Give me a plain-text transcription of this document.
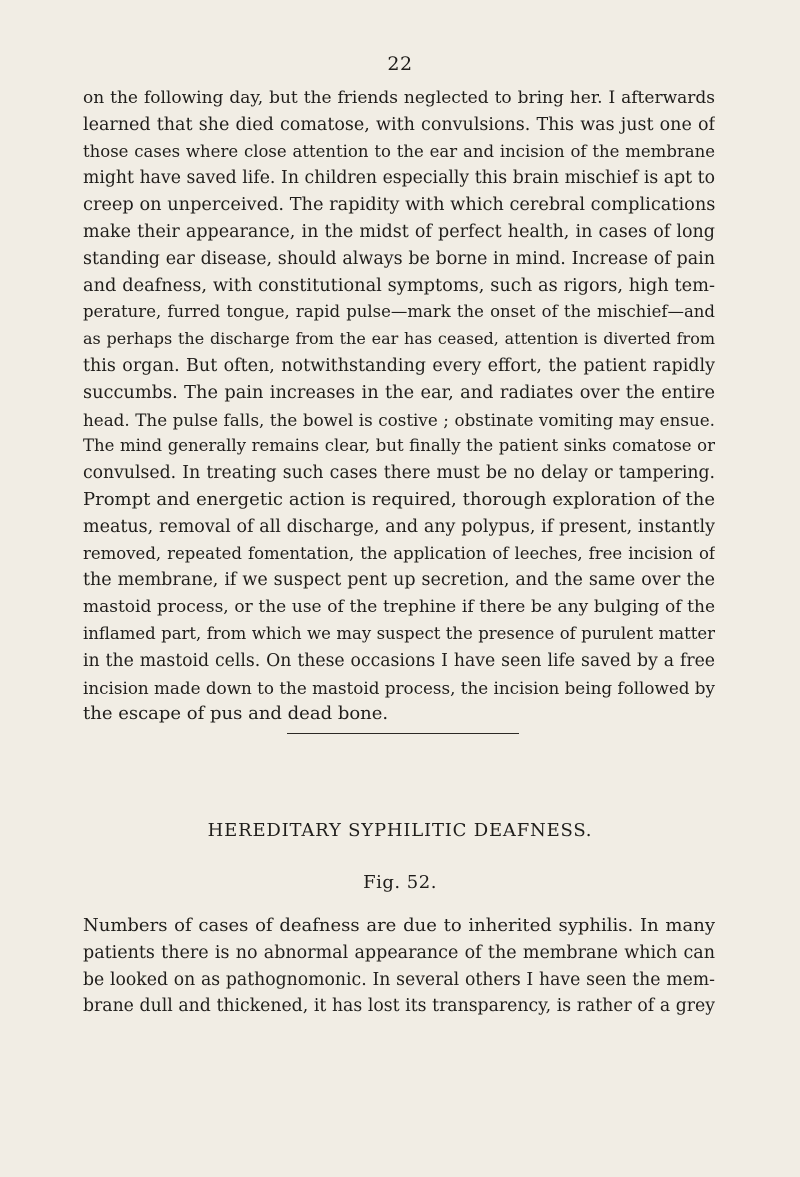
22
on the following day, but the friends neglected to bring her. I afterwards
learned that she died comatose, with convulsions. This was just one of
those cases where close attention to the ear and incision of the membrane
might have saved life. In children especially this brain mischief is apt to
creep on unperceived. The rapidity with which cerebral complications
make their appearance, in the midst of perfect health, in cases of long
standing ear disease, should always be borne in mind. Increase of pain
and deafness, with constitutional symptoms, such as rigors, high tem-
perature, furred tongue, rapid pulse—mark the onset of the mischief—and
as perhaps the discharge from the ear has ceased, attention is diverted from
this organ. But often, notwithstanding every effort, the patient rapidly
succumbs. The pain increases in the ear, and radiates over the entire
head. The pulse falls, the bowel is costive ; obstinate vomiting may ensue.
The mind generally remains clear, but finally the patient sinks comatose or
convulsed. In treating such cases there must be no delay or tampering.
Prompt and energetic action is required, thorough exploration of the
meatus, removal of all discharge, and any polypus, if present, instantly
removed, repeated fomentation, the application of leeches, free incision of
the membrane, if we suspect pent up secretion, and the same over the
mastoid process, or the use of the trephine if there be any bulging of the
inflamed part, from which we may suspect the presence of purulent matter
in the mastoid cells. On these occasions I have seen life saved by a free
incision made down to the mastoid process, the incision being followed by
the escape of pus and dead bone.
HEREDITARY SYPHILITIC DEAFNESS.
Fig. 52.
Numbers of cases of deafness are due to inherited syphilis. In many
patients there is no abnormal appearance of the membrane which can
be looked on as pathognomonic. In several others I have seen the mem-
brane dull and thickened, it has lost its transparency, is rather of a grey
